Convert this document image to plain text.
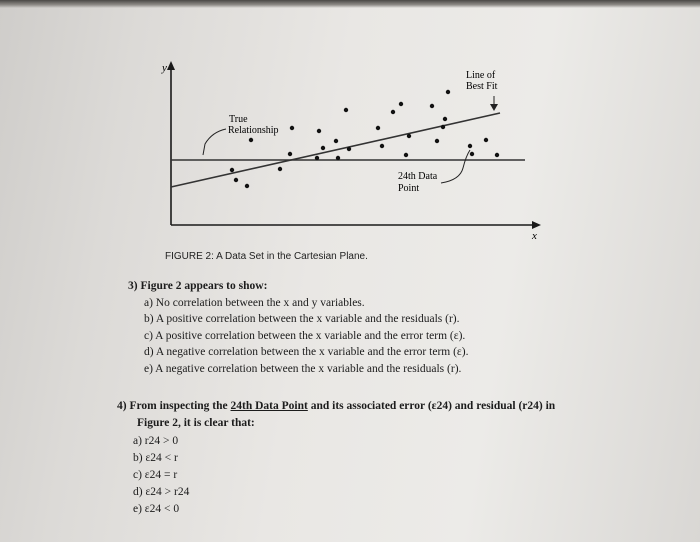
y
x
True
Relationship
Line of
Best Fit
24th Data
Point
FIGURE 2: A Data Set in the Cartesian Plane.
3) Figure 2 appears to show:
a) No correlation between the x and y variables.
b) A positive correlation between the x variable and the residuals (r).
c) A positive correlation between the x variable and the error term (ε).
d) A negative correlation between the x variable and the error term (ε).
e) A negative correlation between the x variable and the residuals (r).
4) From inspecting the 24th Data Point and its associated error (ε24) and residual (r24) in
Figure 2, it is clear that:
a) r24 > 0
b) ε24 < r
c) ε24 = r
d) ε24 > r24
e) ε24 < 0
